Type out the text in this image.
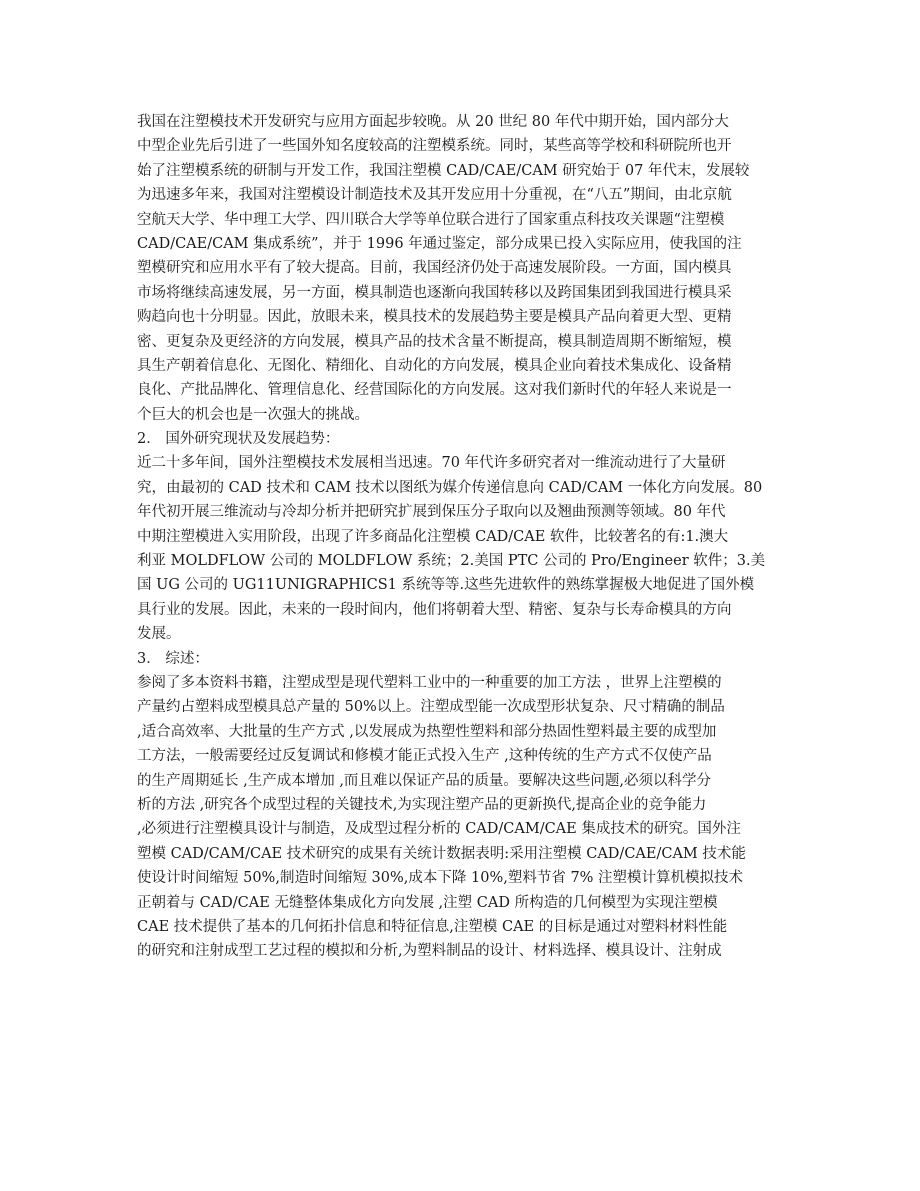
我国在注塑模技术开发研究与应用方面起步较晚。从 20 世纪 80 年代中期开始，国内部分大
中型企业先后引进了一些国外知名度较高的注塑模系统。同时，某些高等学校和科研院所也开
始了注塑模系统的研制与开发工作，我国注塑模 CAD/CAE/CAM 研究始于 07 年代末，发展较
为迅速多年来，我国对注塑模设计制造技术及其开发应用十分重视，在“八五”期间，由北京航
空航天大学、华中理工大学、四川联合大学等单位联合进行了国家重点科技攻关课题“注塑模
CAD/CAE/CAM 集成系统”，并于 1996 年通过鉴定，部分成果已投入实际应用，使我国的注
塑模研究和应用水平有了较大提高。目前，我国经济仍处于高速发展阶段。一方面，国内模具
市场将继续高速发展，另一方面，模具制造也逐渐向我国转移以及跨国集团到我国进行模具采
购趋向也十分明显。因此，放眼未来，模具技术的发展趋势主要是模具产品向着更大型、更精
密、更复杂及更经济的方向发展，模具产品的技术含量不断提高，模具制造周期不断缩短，模
具生产朝着信息化、无图化、精细化、自动化的方向发展，模具企业向着技术集成化、设备精
良化、产批品牌化、管理信息化、经营国际化的方向发展。这对我们新时代的年轻人来说是一
个巨大的机会也是一次强大的挑战。
2． 国外研究现状及发展趋势：
近二十多年间，国外注塑模技术发展相当迅速。70 年代许多研究者对一维流动进行了大量研
究，由最初的 CAD 技术和 CAM 技术以图纸为媒介传递信息向 CAD/CAM 一体化方向发展。80
年代初开展三维流动与冷却分析并把研究扩展到保压分子取向以及翘曲预测等领域。80 年代
中期注塑模进入实用阶段，出现了许多商品化注塑模 CAD/CAE 软件，比较著名的有:1.澳大
利亚 MOLDFLOW 公司的 MOLDFLOW 系统；2.美国 PTC 公司的 Pro/Engineer 软件；3.美
国 UG 公司的 UG11UNIGRAPHICS1 系统等等.这些先进软件的熟练掌握极大地促进了国外模
具行业的发展。因此，未来的一段时间内，他们将朝着大型、精密、复杂与长寿命模具的方向
发展。
3． 综述：
参阅了多本资料书籍，注塑成型是现代塑料工业中的一种重要的加工方法 ，世界上注塑模的
产量约占塑料成型模具总产量的 50%以上。注塑成型能一次成型形状复杂、尺寸精确的制品
,适合高效率、大批量的生产方式 ,以发展成为热塑性塑料和部分热固性塑料最主要的成型加
工方法，一般需要经过反复调试和修模才能正式投入生产 ,这种传统的生产方式不仅使产品
的生产周期延长 ,生产成本增加 ,而且难以保证产品的质量。要解决这些问题,必须以科学分
析的方法 ,研究各个成型过程的关键技术,为实现注塑产品的更新换代,提高企业的竞争能力
,必须进行注塑模具设计与制造，及成型过程分析的 CAD/CAM/CAE 集成技术的研究。国外注
塑模 CAD/CAM/CAE 技术研究的成果有关统计数据表明:采用注塑模 CAD/CAE/CAM 技术能
使设计时间缩短 50%,制造时间缩短 30%,成本下降 10%,塑料节省 7% 注塑模计算机模拟技术
正朝着与 CAD/CAE 无缝整体集成化方向发展 ,注塑 CAD 所构造的几何模型为实现注塑模
CAE 技术提供了基本的几何拓扑信息和特征信息,注塑模 CAE 的目标是通过对塑料材料性能
的研究和注射成型工艺过程的模拟和分析,为塑料制品的设计、材料选择、模具设计、注射成
